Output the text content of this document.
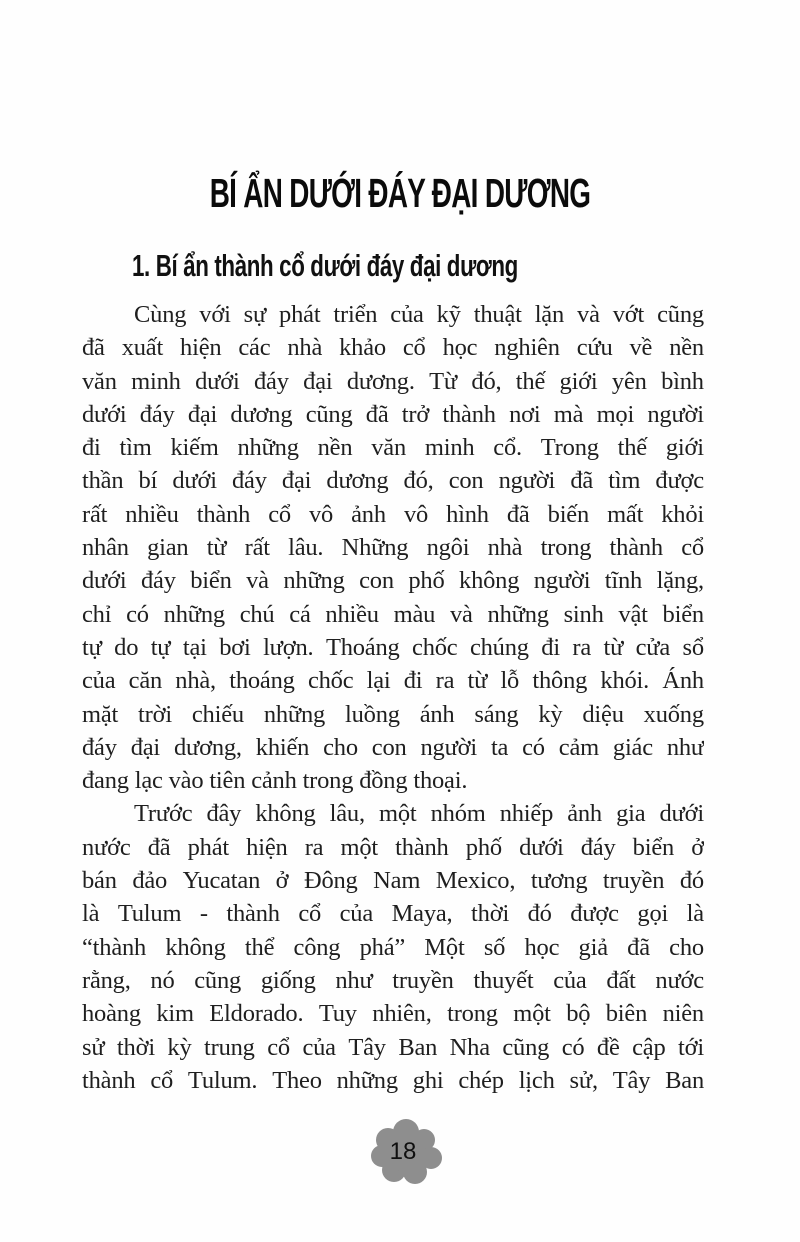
BÍ ẨN DƯỚI ĐÁY ĐẠI DƯƠNG
1. Bí ẩn thành cổ dưới đáy đại dương
Cùng với sự phát triển của kỹ thuật lặn và vớt cũng
đã xuất hiện các nhà khảo cổ học nghiên cứu về nền
văn minh dưới đáy đại dương. Từ đó, thế giới yên bình
dưới đáy đại dương cũng đã trở thành nơi mà mọi người
đi tìm kiếm những nền văn minh cổ. Trong thế giới
thần bí dưới đáy đại dương đó, con người đã tìm được
rất nhiều thành cổ vô ảnh vô hình đã biến mất khỏi
nhân gian từ rất lâu. Những ngôi nhà trong thành cổ
dưới đáy biển và những con phố không người tĩnh lặng,
chỉ có những chú cá nhiều màu và những sinh vật biển
tự do tự tại bơi lượn. Thoáng chốc chúng đi ra từ cửa sổ
của căn nhà, thoáng chốc lại đi ra từ lỗ thông khói. Ánh
mặt trời chiếu những luồng ánh sáng kỳ diệu xuống
đáy đại dương, khiến cho con người ta có cảm giác như
đang lạc vào tiên cảnh trong đồng thoại.
Trước đây không lâu, một nhóm nhiếp ảnh gia dưới
nước đã phát hiện ra một thành phố dưới đáy biển ở
bán đảo Yucatan ở Đông Nam Mexico, tương truyền đó
là Tulum - thành cổ của Maya, thời đó được gọi là
“thành không thể công phá” Một số học giả đã cho
rằng, nó cũng giống như truyền thuyết của đất nước
hoàng kim Eldorado. Tuy nhiên, trong một bộ biên niên
sử thời kỳ trung cổ của Tây Ban Nha cũng có đề cập tới
thành cổ Tulum. Theo những ghi chép lịch sử, Tây Ban
18
